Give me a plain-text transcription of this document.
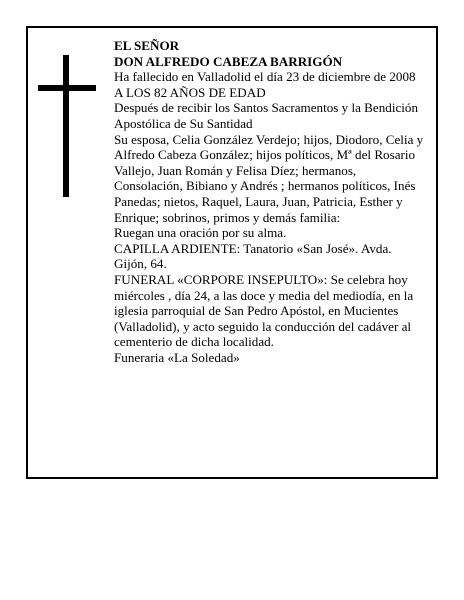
EL SEÑOR

DON ALFREDO CABEZA BARRIGÓN

Ha fallecido en Valladolid el día 23 de diciembre de 2008

A LOS 82 AÑOS DE EDAD

Después de recibir los Santos Sacramentos y la Bendición Apostólica de Su Santidad

Su esposa, Celia González Verdejo; hijos, Diodoro, Celia y Alfredo Cabeza González; hijos políticos, Mª del Rosario Vallejo, Juan Román y Felisa Díez; hermanos, Consolación, Bibiano y Andrés ; hermanos políticos, Inés Panedas; nietos, Raquel, Laura, Juan, Patricia, Esther y Enrique; sobrinos, primos y demás familia:

Ruegan una oración por su alma.

CAPILLA ARDIENTE: Tanatorio «San José». Avda. Gijón, 64.

FUNERAL «CORPORE INSEPULTO»: Se celebra hoy miércoles , día 24, a las doce y media del mediodía, en la iglesia parroquial de San Pedro Apóstol, en Mucientes (Valladolid), y acto seguido la conducción del cadáver al cementerio de dicha localidad.

Funeraria «La Soledad»
